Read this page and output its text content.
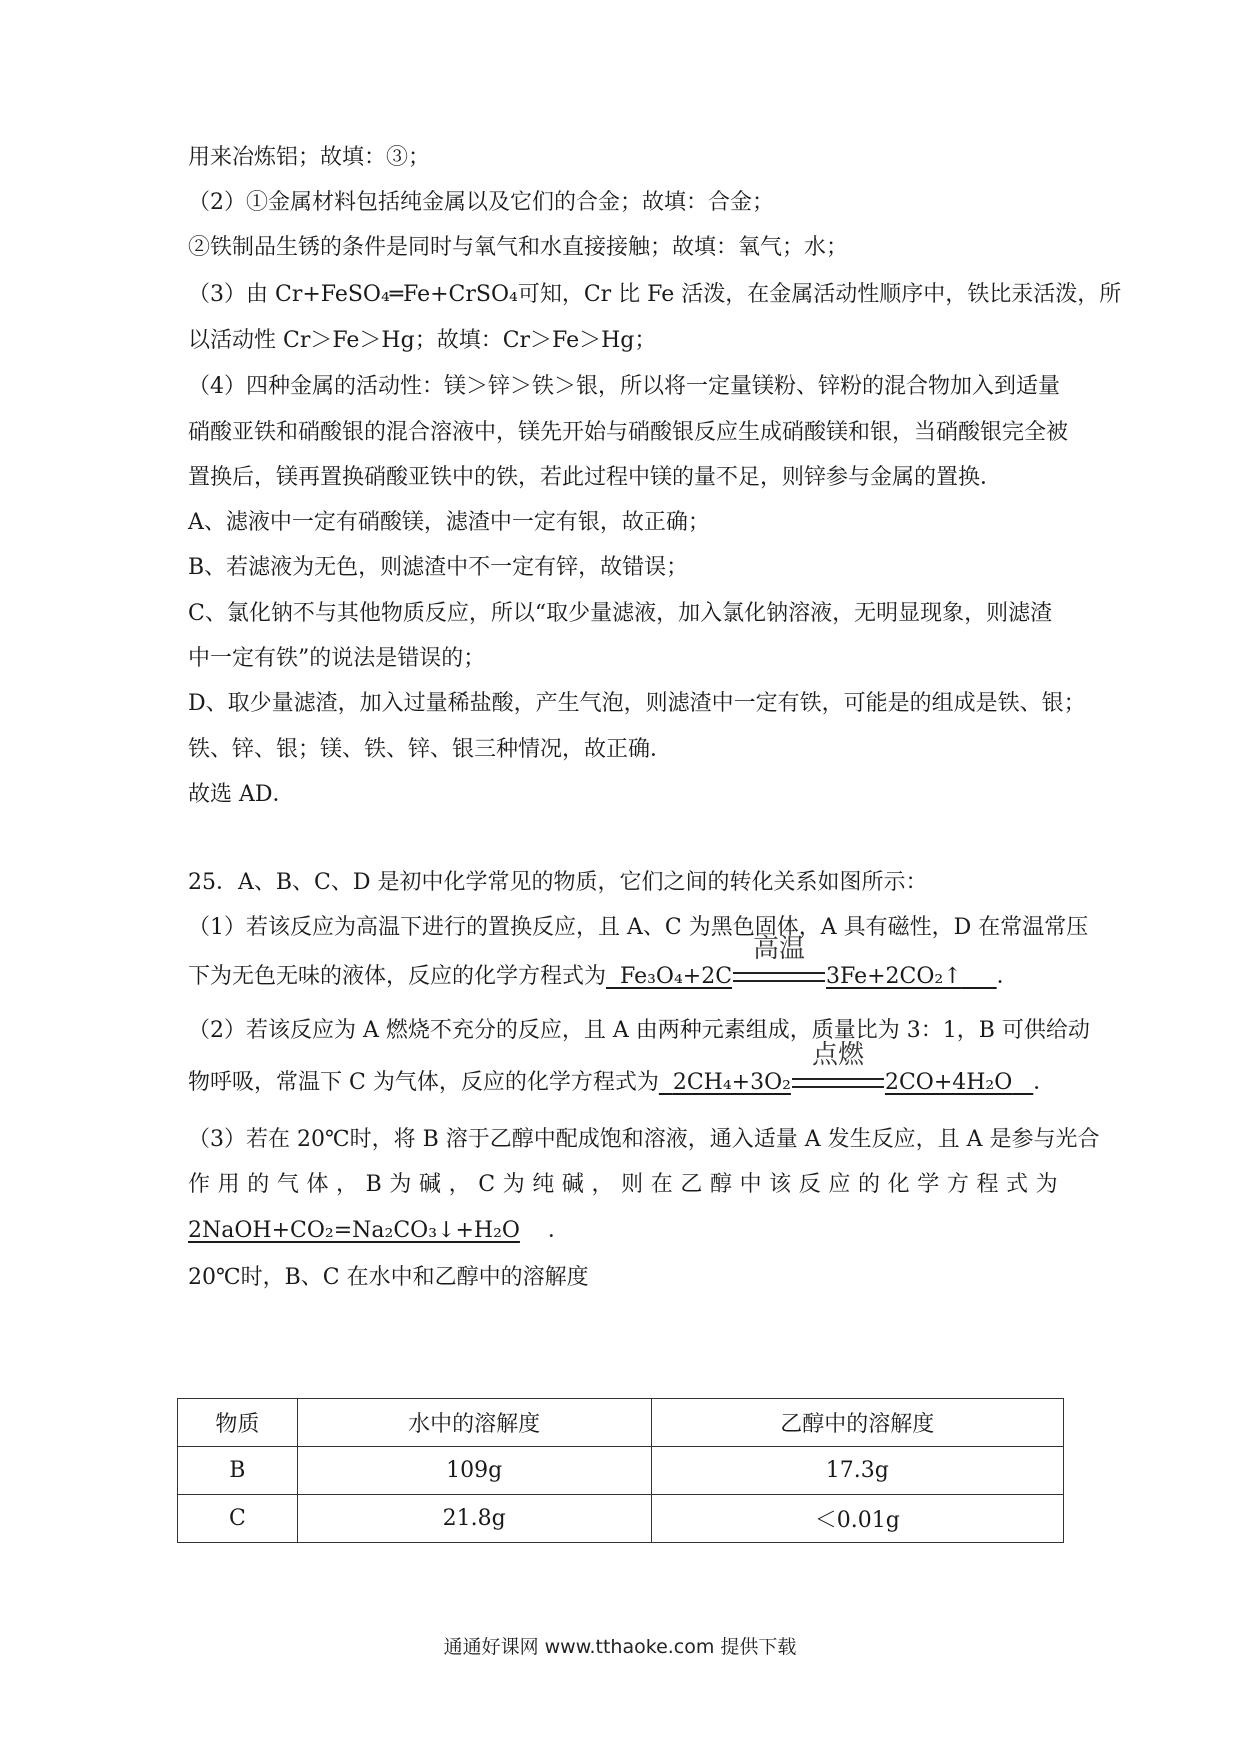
用来冶炼铝；故填：③；
（2）①金属材料包括纯金属以及它们的合金；故填：合金；
②铁制品生锈的条件是同时与氧气和水直接接触；故填：氧气；水；
（3）由 Cr+FeSO₄═Fe+CrSO₄可知，Cr 比 Fe 活泼，在金属活动性顺序中，铁比汞活泼，所
以活动性 Cr＞Fe＞Hg；故填：Cr＞Fe＞Hg；
（4）四种金属的活动性：镁＞锌＞铁＞银，所以将一定量镁粉、锌粉的混合物加入到适量
硝酸亚铁和硝酸银的混合溶液中，镁先开始与硝酸银反应生成硝酸镁和银，当硝酸银完全被
置换后，镁再置换硝酸亚铁中的铁，若此过程中镁的量不足，则锌参与金属的置换．
A、滤液中一定有硝酸镁，滤渣中一定有银，故正确；
B、若滤液为无色，则滤渣中不一定有锌，故错误；
C、氯化钠不与其他物质反应，所以“取少量滤液，加入氯化钠溶液，无明显现象，则滤渣
中一定有铁”的说法是错误的；
D、取少量滤渣，加入过量稀盐酸，产生气泡，则滤渣中一定有铁，可能是的组成是铁、银；
铁、锌、银；镁、铁、锌、银三种情况，故正确．
故选 AD．
25．A、B、C、D 是初中化学常见的物质，它们之间的转化关系如图所示：
（1）若该反应为高温下进行的置换反应，且 A、C 为黑色固体，A 具有磁性，D 在常温常压
下为无色无味的液体，反应的化学方程式为 Fe₃O₄+2C
高温
3Fe+2CO₂↑ ．
（2）若该反应为 A 燃烧不充分的反应，且 A 由两种元素组成，质量比为 3：1，B 可供给动
物呼吸，常温下 C 为气体，反应的化学方程式为 2CH₄+3O₂
点燃
2CO+4H₂O ．
（3）若在 20℃时，将 B 溶于乙醇中配成饱和溶液，通入适量 A 发生反应，且 A 是参与光合
作 用 的 气 体 ， B 为 碱 ， C 为 纯 碱 ， 则 在 乙 醇 中 该 反 应 的 化 学 方 程 式 为
2NaOH+CO₂=Na₂CO₃↓+H₂O ．
20℃时，B、C 在水中和乙醇中的溶解度
物质	水中的溶解度	乙醇中的溶解度
B	109g	17.3g
C	21.8g	＜0.01g
通通好课网 www.tthaoke.com 提供下载
